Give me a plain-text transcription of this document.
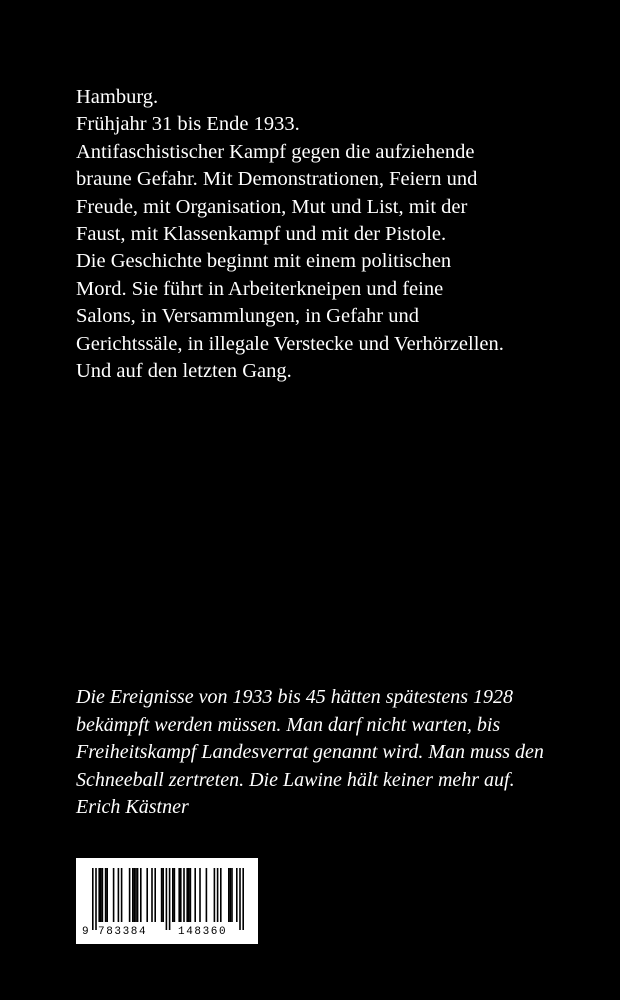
Hamburg.
Frühjahr 31 bis Ende 1933.
Antifaschistischer Kampf gegen die aufziehende
braune Gefahr. Mit Demonstrationen, Feiern und
Freude, mit Organisation, Mut und List, mit der
Faust, mit Klassenkampf und mit der Pistole.
Die Geschichte beginnt mit einem politischen
Mord. Sie führt in Arbeiterkneipen und feine
Salons, in Versammlungen, in Gefahr und
Gerichtssäle, in illegale Verstecke und Verhörzellen.
Und auf den letzten Gang.
Die Ereignisse von 1933 bis 45 hätten spätestens 1928
bekämpft werden müssen. Man darf nicht warten, bis
Freiheitskampf Landesverrat genannt wird. Man muss den
Schneeball zertreten. Die Lawine hält keiner mehr auf.
Erich Kästner
9 783384	148360
